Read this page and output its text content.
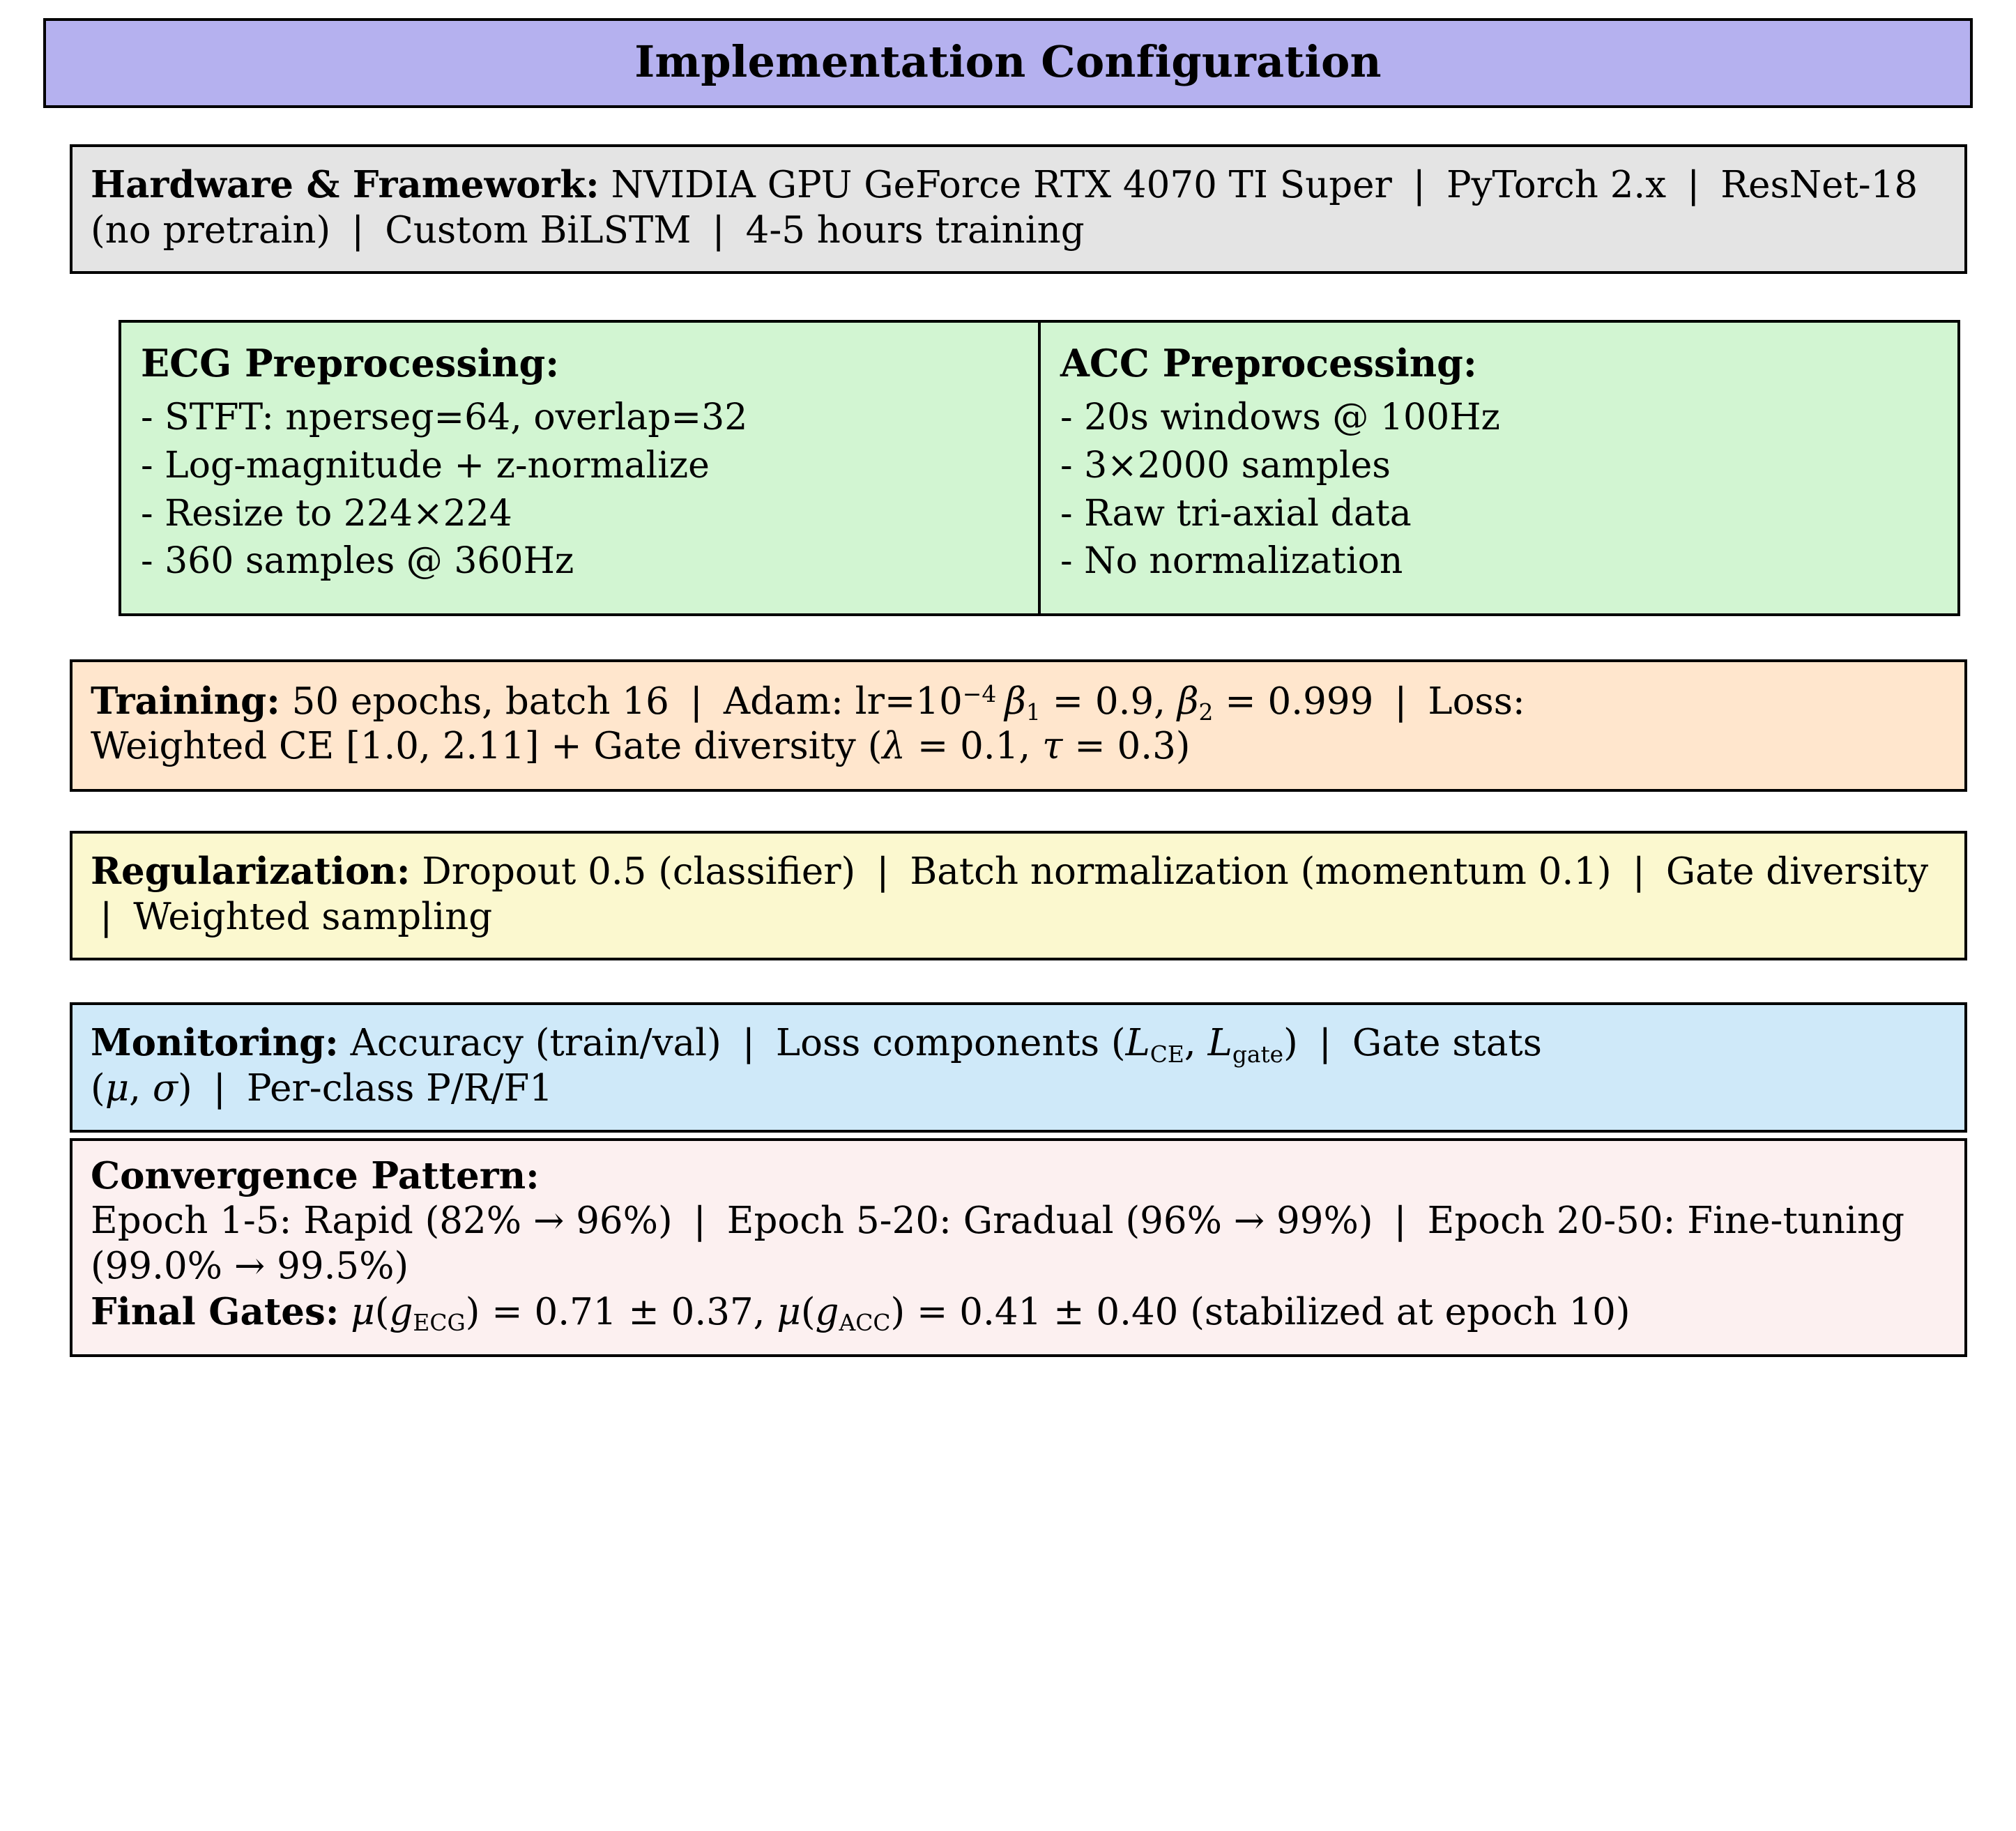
Implementation Configuration
Hardware & Framework: NVIDIA GPU GeForce RTX 4070 TI Super ❘ PyTorch 2.x ❘ ResNet-18 (no pretrain) ❘ Custom BiLSTM ❘ 4-5 hours training
ECG Preprocessing:
- STFT: nperseg=64, overlap=32
- Log-magnitude + z-normalize
- Resize to 224×224
- 360 samples @ 360Hz
ACC Preprocessing:
- 20s windows @ 100Hz
- 3×2000 samples
- Raw tri-axial data
- No normalization
Training: 50 epochs, batch 16 ❘ Adam: $lr=10^{-4}$ β1 = 0.9, β2 = 0.999 ❘ Loss:
Weighted CE [1.0, 2.11] + Gate diversity (λ = 0.1, τ = 0.3)
Regularization: Dropout 0.5 (classifier) ❘ Batch normalization (momentum 0.1) ❘ Gate diversity ❘ Weighted sampling
Monitoring: Accuracy (train/val) ❘ Loss components (LCE, Lgate) ❘ Gate stats
(μ, σ) ❘ Per-class P/R/F1
Convergence Pattern:
Epoch 1-5: Rapid (82% → 96%) ❘ Epoch 5-20: Gradual (96% → 99%) ❘ Epoch 20-50: Fine-tuning (99.0% → 99.5%)
Final Gates: μ(gECG) = 0.71 ± 0.37, μ(gACC) = 0.41 ± 0.40 (stabilized at epoch 10)
